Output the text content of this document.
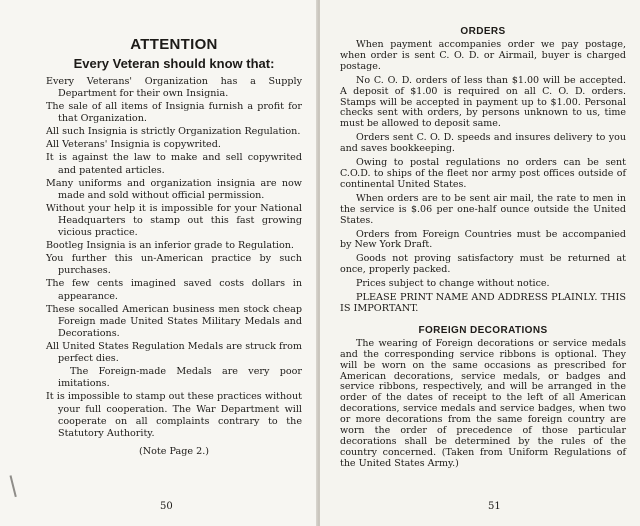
ATTENTION
Every Veteran should know that:

Every Veterans' Organization has a Supply Department for their own Insignia.

The sale of all items of Insignia furnish a profit for that Organization.

All such Insignia is strictly Organization Regulation.

All Veterans' Insignia is copywrited.

It is against the law to make and sell copywrited and patented articles.

Many uniforms and organization insignia are now made and sold without official permission.

Without your help it is impossible for your National Headquarters to stamp out this fast growing vicious practice.

Bootleg Insignia is an inferior grade to Regulation.

You further this un-American practice by such purchases.

The few cents imagined saved costs dollars in appearance.

These socalled American business men stock cheap Foreign made United States Military Medals and Decorations.

All United States Regulation Medals are struck from perfect dies.

The Foreign-made Medals are very poor imitations.

It is impossible to stamp out these practices without your full cooperation. The War Department will cooperate on all complaints contrary to the Statutory Authority.

(Note Page 2.)
50
ORDERS

When payment accompanies order we pay postage, when order is sent C. O. D. or Airmail, buyer is charged postage.

No C. O. D. orders of less than $1.00 will be accepted. A deposit of $1.00 is required on all C. O. D. orders. Stamps will be accepted in payment up to $1.00. Personal checks sent with orders, by persons unknown to us, time must be allowed to deposit same.

Orders sent C. O. D. speeds and insures delivery to you and saves bookkeeping.

Owing to postal regulations no orders can be sent C.O.D. to ships of the fleet nor army post offices outside of continental United States.

When orders are to be sent air mail, the rate to men in the service is $.06 per one-half ounce outside the United States.

Orders from Foreign Countries must be accompanied by New York Draft.

Goods not proving satisfactory must be returned at once, properly packed.

Prices subject to change without notice.

PLEASE PRINT NAME AND ADDRESS PLAINLY. THIS IS IMPORTANT.

FOREIGN DECORATIONS

The wearing of Foreign decorations or service medals and the corresponding service ribbons is optional. They will be worn on the same occasions as prescribed for American decorations, service medals, or badges and service ribbons, respectively, and will be arranged in the order of the dates of receipt to the left of all American decorations, service medals and service badges, when two or more decorations from the same foreign country are worn the order of precedence of those particular decorations shall be determined by the rules of the country concerned. (Taken from Uniform Regulations of the United States Army.)

51
